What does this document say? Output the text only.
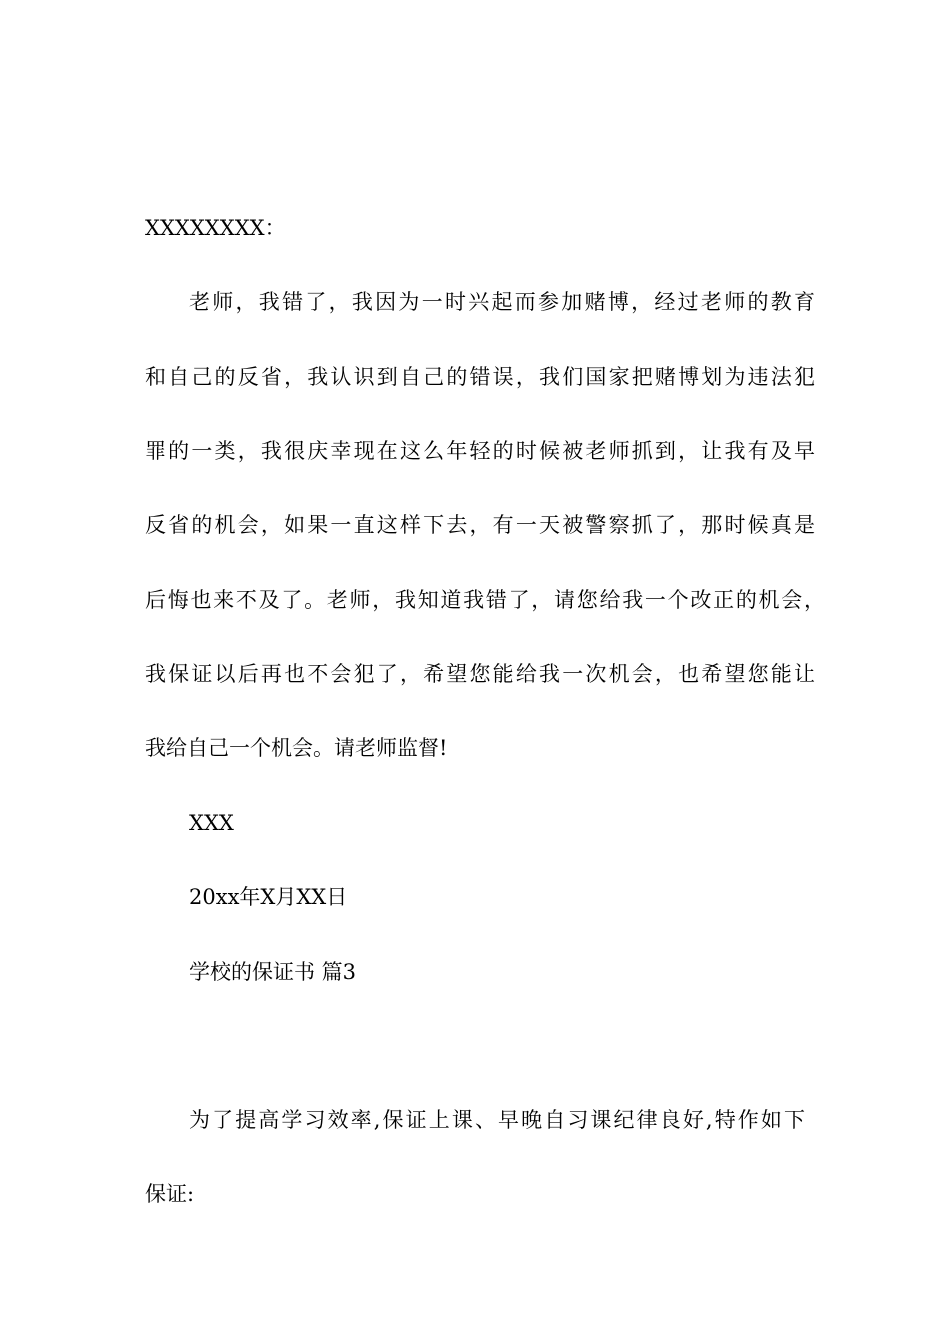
XXXXXXXX：
老师，我错了，我因为一时兴起而参加赌博，经过老师的教育
和自己的反省，我认识到自己的错误，我们国家把赌博划为违法犯
罪的一类，我很庆幸现在这么年轻的时候被老师抓到，让我有及早
反省的机会，如果一直这样下去，有一天被警察抓了，那时候真是
后悔也来不及了。老师，我知道我错了，请您给我一个改正的机会，
我保证以后再也不会犯了，希望您能给我一次机会，也希望您能让
我给自己一个机会。请老师监督!
XXX
20xx年X月XX日
学校的保证书 篇3
为了提高学习效率,保证上课、早晚自习课纪律良好,特作如下
保证:
